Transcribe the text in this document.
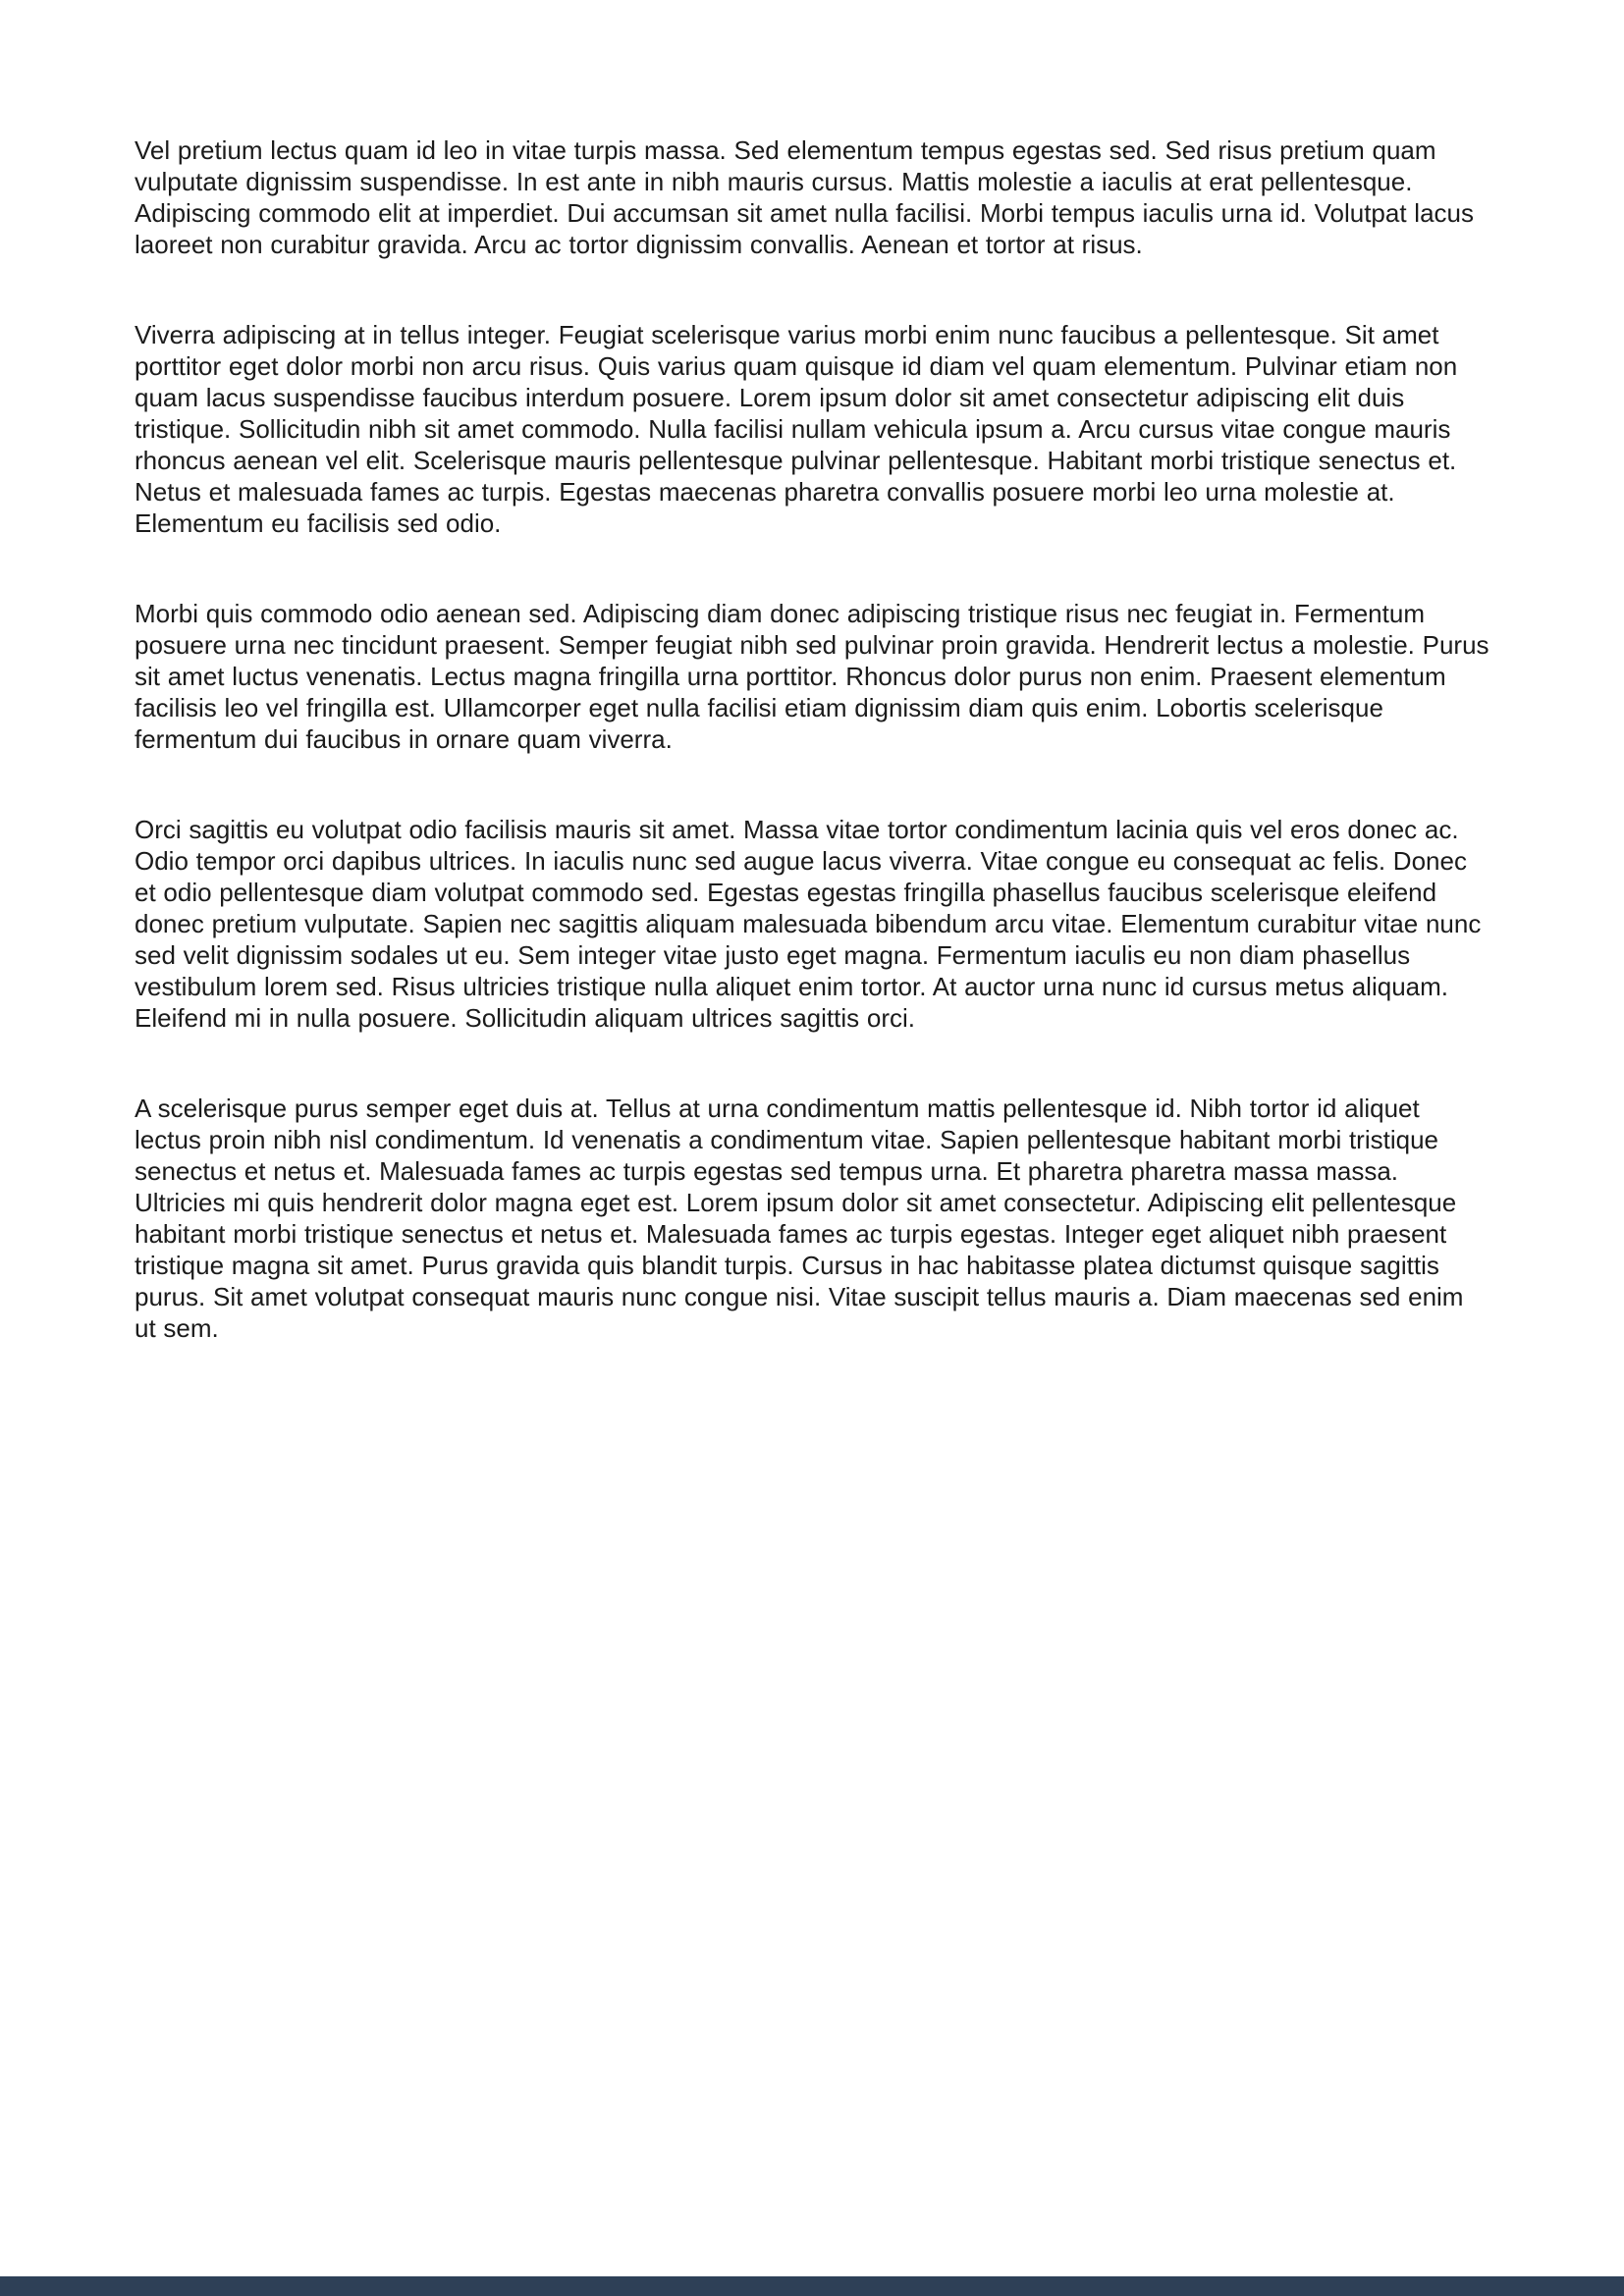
Vel pretium lectus quam id leo in vitae turpis massa. Sed elementum tempus egestas sed. Sed risus pretium quam vulputate dignissim suspendisse. In est ante in nibh mauris cursus. Mattis molestie a iaculis at erat pellentesque. Adipiscing commodo elit at imperdiet. Dui accumsan sit amet nulla facilisi. Morbi tempus iaculis urna id. Volutpat lacus laoreet non curabitur gravida. Arcu ac tortor dignissim convallis. Aenean et tortor at risus.

Viverra adipiscing at in tellus integer. Feugiat scelerisque varius morbi enim nunc faucibus a pellentesque. Sit amet porttitor eget dolor morbi non arcu risus. Quis varius quam quisque id diam vel quam elementum. Pulvinar etiam non quam lacus suspendisse faucibus interdum posuere. Lorem ipsum dolor sit amet consectetur adipiscing elit duis tristique. Sollicitudin nibh sit amet commodo. Nulla facilisi nullam vehicula ipsum a. Arcu cursus vitae congue mauris rhoncus aenean vel elit. Scelerisque mauris pellentesque pulvinar pellentesque. Habitant morbi tristique senectus et. Netus et malesuada fames ac turpis. Egestas maecenas pharetra convallis posuere morbi leo urna molestie at. Elementum eu facilisis sed odio.

Morbi quis commodo odio aenean sed. Adipiscing diam donec adipiscing tristique risus nec feugiat in. Fermentum posuere urna nec tincidunt praesent. Semper feugiat nibh sed pulvinar proin gravida. Hendrerit lectus a molestie. Purus sit amet luctus venenatis. Lectus magna fringilla urna porttitor. Rhoncus dolor purus non enim. Praesent elementum facilisis leo vel fringilla est. Ullamcorper eget nulla facilisi etiam dignissim diam quis enim. Lobortis scelerisque fermentum dui faucibus in ornare quam viverra.

Orci sagittis eu volutpat odio facilisis mauris sit amet. Massa vitae tortor condimentum lacinia quis vel eros donec ac. Odio tempor orci dapibus ultrices. In iaculis nunc sed augue lacus viverra. Vitae congue eu consequat ac felis. Donec et odio pellentesque diam volutpat commodo sed. Egestas egestas fringilla phasellus faucibus scelerisque eleifend donec pretium vulputate. Sapien nec sagittis aliquam malesuada bibendum arcu vitae. Elementum curabitur vitae nunc sed velit dignissim sodales ut eu. Sem integer vitae justo eget magna. Fermentum iaculis eu non diam phasellus vestibulum lorem sed. Risus ultricies tristique nulla aliquet enim tortor. At auctor urna nunc id cursus metus aliquam. Eleifend mi in nulla posuere. Sollicitudin aliquam ultrices sagittis orci.

A scelerisque purus semper eget duis at. Tellus at urna condimentum mattis pellentesque id. Nibh tortor id aliquet lectus proin nibh nisl condimentum. Id venenatis a condimentum vitae. Sapien pellentesque habitant morbi tristique senectus et netus et. Malesuada fames ac turpis egestas sed tempus urna. Et pharetra pharetra massa massa. Ultricies mi quis hendrerit dolor magna eget est. Lorem ipsum dolor sit amet consectetur. Adipiscing elit pellentesque habitant morbi tristique senectus et netus et. Malesuada fames ac turpis egestas. Integer eget aliquet nibh praesent tristique magna sit amet. Purus gravida quis blandit turpis. Cursus in hac habitasse platea dictumst quisque sagittis purus. Sit amet volutpat consequat mauris nunc congue nisi. Vitae suscipit tellus mauris a. Diam maecenas sed enim ut sem.
